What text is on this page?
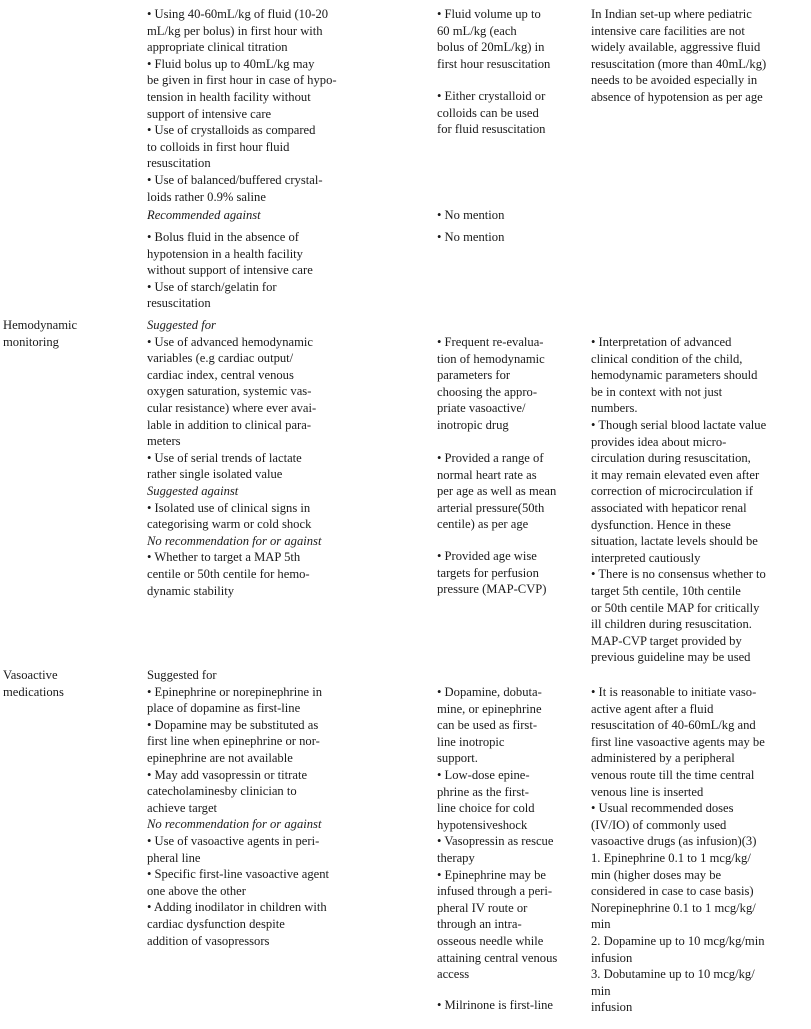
• Using 40-60mL/kg of fluid (10-20
mL/kg per bolus) in first hour with
appropriate clinical titration
• Fluid bolus up to 40mL/kg may
be given in first hour in case of hypo-
tension in health facility without
support of intensive care
• Use of crystalloids as compared
to colloids in first hour fluid
resuscitation
• Use of balanced/buffered crystal-
loids rather 0.9% saline
Recommended against
• Bolus fluid in the absence of
hypotension in a health facility
without support of intensive care
• Use of starch/gelatin for
resuscitation
• Fluid volume up to
60 mL/kg (each
bolus of 20mL/kg) in
first hour resuscitation
• Either crystalloid or
colloids can be used
for fluid resuscitation
• No mention
• No mention
In Indian set-up where pediatric
intensive care facilities are not
widely available, aggressive fluid
resuscitation (more than 40mL/kg)
needs to be avoided especially in
absence of hypotension as per age
Hemodynamic
monitoring
Suggested for
• Use of advanced hemodynamic
variables (e.g cardiac output/
cardiac index, central venous
oxygen saturation, systemic vas-
cular resistance) where ever avai-
lable in addition to clinical para-
meters
• Use of serial trends of lactate
rather single isolated value
Suggested against
• Isolated use of clinical signs in
categorising warm or cold shock
No recommendation for or against
• Whether to target a MAP 5th
centile or 50th centile for hemo-
dynamic stability
• Frequent re-evalua-
tion of hemodynamic
parameters for
choosing the appro-
priate vasoactive/
inotropic drug
• Provided a range of
normal heart rate as
per age as well as mean
arterial pressure(50th
centile) as per age
• Provided age wise
targets for perfusion
pressure (MAP-CVP)
• Interpretation of advanced
clinical condition of the child,
hemodynamic parameters should
be in context with not just
numbers.
• Though serial blood lactate value
provides idea about micro-
circulation during resuscitation,
it may remain elevated even after
correction of microcirculation if
associated with hepaticor renal
dysfunction. Hence in these
situation, lactate levels should be
interpreted cautiously
• There is no consensus whether to
target 5th centile, 10th centile
or 50th centile MAP for critically
ill children during resuscitation.
MAP-CVP target provided by
previous guideline may be used
Vasoactive
medications
Suggested for
• Epinephrine or norepinephrine in
place of dopamine as first-line
• Dopamine may be substituted as
first line when epinephrine or nor-
epinephrine are not available
• May add vasopressin or titrate
catecholaminesby clinician to
achieve target
No recommendation for or against
• Use of vasoactive agents in peri-
pheral line
• Specific first-line vasoactive agent
one above the other
• Adding inodilator in children with
cardiac dysfunction despite
addition of vasopressors
• Dopamine, dobuta-
mine, or epinephrine
can be used as first-
line inotropic
support.
• Low-dose epine-
phrine as the first-
line choice for cold
hypotensiveshock
• Vasopressin as rescue
therapy
• Epinephrine may be
infused through a peri-
pheral IV route or
through an intra-
osseous needle while
attaining central venous
access
• Milrinone is first-line
• It is reasonable to initiate vaso-
active agent after a fluid
resuscitation of 40-60mL/kg and
first line vasoactive agents may be
administered by a peripheral
venous route till the time central
venous line is inserted
• Usual recommended doses
(IV/IO) of commonly used
vasoactive drugs (as infusion)(3)
1. Epinephrine 0.1 to 1 mcg/kg/
min (higher doses may be
considered in case to case basis)
Norepinephrine 0.1 to 1 mcg/kg/
min
2. Dopamine up to 10 mcg/kg/min
infusion
3. Dobutamine up to 10 mcg/kg/
min
infusion
